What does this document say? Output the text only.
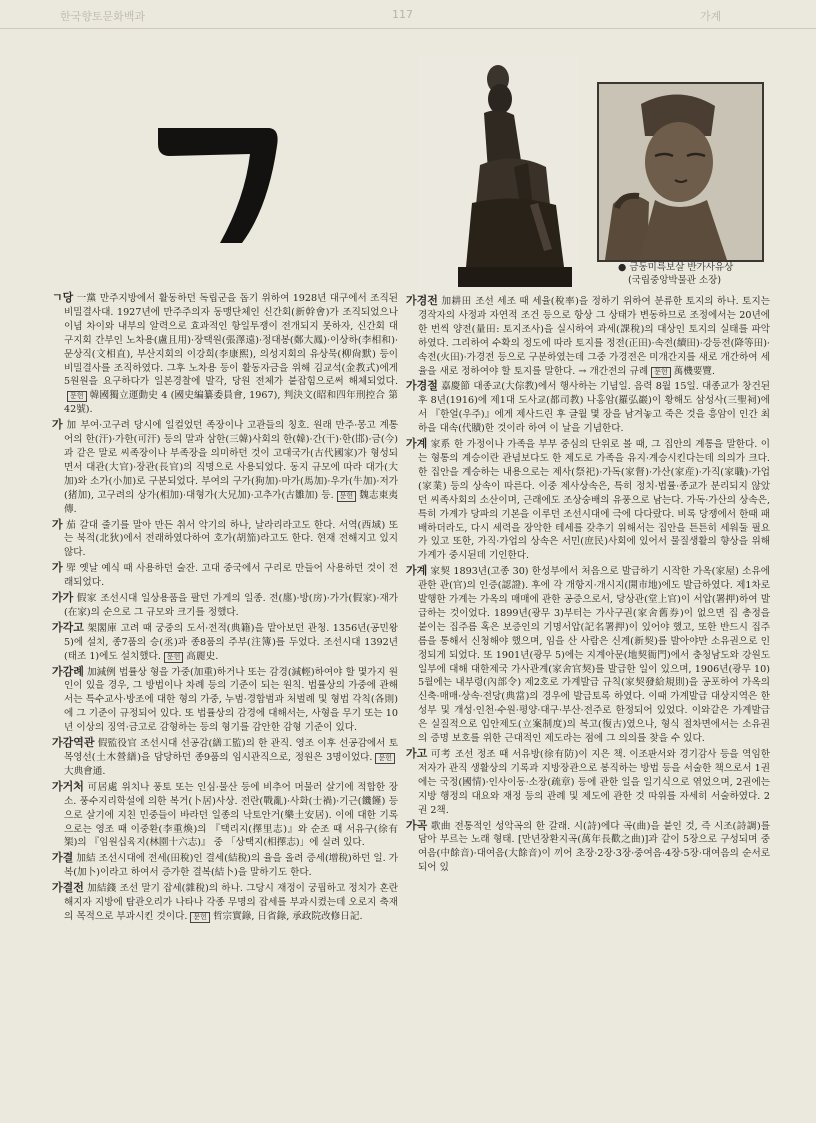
한국향토문화백과	117	가계
● 금동미륵보살 반가사유상
(국립중앙박물관 소장)

ㄱ당 一黨 만주지방에서 활동하던 독립군을 돕기 위하여 1928년 대구에서 조직된 비밀결사대. 1927년에 만주주의자 동맹단체인 신간회(新幹會)가 조직되었으나 이념 차이와 내부의 알력으로 효과적인 항일투쟁이 전개되지 못하자, 신간회 대구지회 간부인 노차용(盧且用)·장택원(張澤遠)·정대봉(鄭大鳳)·이상하(李相和)·문상직(文相直), 부산지회의 이강희(李康熙), 의성지회의 유상묵(柳尙默) 등이 비밀결사를 조직하였다. 그후 노차용 등이 활동자금을 위해 김교석(金教式)에게 5원원을 요구하다가 일본경찰에 발각, 당원 전체가 붙잡힘으로써 해체되었다.문헌 韓國獨立運動史 4 (國史編纂委員會, 1967), 判決文(昭和四年刑控合 第42號).

가 加 부여·고구려 당시에 일컬었던 족장이나 고관들의 칭호. 원래 만주·몽고 계통어의 한(汗)·가한(可汗) 등의 말과 삼한(三韓)사회의 한(韓)·간(干)·한(邯)·금(今)과 같은 말로 씨족장이나 부족장을 의미하던 것이 고대국가(古代國家)가 형성되면서 대관(大官)·장관(長官)의 직명으로 사용되었다. 동지 규모에 따라 대가(大加)와 소가(小加)로 구분되었다. 부여의 구가(狗加)·마가(馬加)·우가(牛加)·저가(猪加), 고구려의 상가(相加)·대형가(大兄加)·고추가(古雛加) 등. 문헌 魏志東夷傳.

가 茄 갈대 줄기를 말아 만든 취서 악기의 하나, 날라리라고도 한다. 서역(西域) 또는 북적(北狄)에서 전래하였다하여 호가(胡笳)라고도 한다. 현재 전해지고 있지 않다.

가 斝 옛날 예식 때 사용하던 술잔. 고대 중국에서 구리로 만들어 사용하던 것이 전래되었다.

가가 假家 조선시대 일상용품을 팔던 가게의 일종. 전(廛)·방(房)·가가(假家)·재가(在家)의 순으로 그 규모와 크기를 정했다.

가각고 架閣庫 고려 때 궁중의 도서·전적(典籍)을 맡아보던 관청. 1356년(공민왕 5)에 설치, 종7품의 승(丞)과 종8품의 주부(注簿)를 두었다. 조선시대 1392년(태조 1)에도 설치했다. 문헌 高麗史.

가감례 加減例 법률상 형을 가중(加重)하거나 또는 감경(減輕)하여야 할 몇가지 원인이 있을 경우, 그 방법이나 차례 등의 기준이 되는 원칙. 법률상의 가중에 관해서는 특수교사·방조에 대한 형의 가중, 누범·경합범과 처벌례 및 형법 각칙(各則)에 그 기준이 규정되어 있다. 또 법률상의 감경에 대해서는, 사형을 무기 또는 10년 이상의 징역·금고로 감형하는 등의 형기를 감안한 감형 기준이 있다.

가감역관 假監役官 조선시대 선공감(繕工監)의 한 관직. 영조 이후 선공감에서 토목영선(土木營繕)을 담당하던 종9품의 임시관직으로, 정원은 3명이었다. 문헌大典會通.

가거처 可居處 위치나 풍토 또는 인심·물산 등에 비추어 머물러 살기에 적합한 장소. 풍수지리학설에 의한 복거(卜居)사상. 전란(戰亂)·사화(士禍)·기근(饑饉) 등으로 살기에 지친 민중들이 바라던 일종의 낙토안거(樂土安居). 이에 대한 기록으로는 영조 때 이중환(李重煥)의 『택리지(擇里志)』와 순조 때 서유구(徐有榘)의 『임원십육지(林園十六志)』 중 「상택지(相擇志)」에 실려 있다.

가결 加結 조선시대에 전세(田稅)인 결세(結稅)의 율을 올려 증세(增稅)하던 일. 가복(加卜)이라고 하여서 증가한 결복(結卜)을 말하기도 한다.

가결전 加結錢 조선 말기 잡세(雜稅)의 하나. 그당시 재정이 궁핍하고 정치가 혼란해지자 지방에 탐관오리가 나타나 각종 무명의 잡세를 부과시켰는데 오로지 축재의 목적으로 부과시킨 것이다. 문헌 哲宗實錄, 日省錄, 承政院改修日記.

가경전 加耕田 조선 세조 때 세율(稅率)을 정하기 위하여 분류한 토지의 하나. 토지는 경작자의 사정과 자연적 조건 등으로 항상 그 상태가 변동하므로 조정에서는 20년에 한 번씩 양전(量田: 토지조사)을 실시하여 과세(課稅)의 대상인 토지의 실태를 파악하였다. 그리하여 수확의 정도에 따라 토지를 정전(正田)·속전(續田)·강등전(降等田)·속전(火田)·가경전 등으로 구분하였는데 그중 가경전은 미개간지를 새로 개간하여 세율을 새로 정하여야 할 토지를 말한다. → 개간전의 규례 문헌 萬機要覽.

가경절 嘉慶節 대종교(大倧教)에서 행사하는 기념일. 음력 8월 15일. 대종교가 창건된 후 8년(1916)에 제1대 도사교(都司教) 나홍암(羅弘巖)이 황해도 삼성사(三聖祠)에서 『한얼(우주)』에게 제사드린 후 글월 몇 장을 남겨놓고 죽은 것을 흥암이 인간 최하을 대속(代贖)한 것이라 하여 이 날을 기념한다.

가계 家系 한 가정이나 가족을 부부 중심의 단위로 볼 때, 그 집안의 계통을 말한다. 이는 형통의 계승이란 관념보다도 한 제도로 가족을 유지·계승시킨다는데 의의가 크다. 한 집안을 계승하는 내용으로는 제사(祭祀)·가독(家督)·가산(家産)·가직(家職)·가업(家業) 등의 상속이 따른다. 이중 제사상속은, 특히 정치·법률·종교가 분리되지 않았던 씨족사회의 소산이며, 근래에도 조상숭배의 유풍으로 남는다. 가독·가산의 상속은, 특히 가계가 당파의 기본을 이루던 조선시대에 극에 다다랐다. 비록 당쟁에서 한때 패배하더라도, 다시 세력을 장악한 테세를 갖추기 위해서는 집안을 튼튼히 세워둘 필요가 있고 또한, 가직·가업의 상속은 서민(庶民)사회에 있어서 물질생활의 향상을 위해 가계가 중시된데 기인한다.

가계 家契 1893년(고종 30) 한성부에서 처음으로 발급하기 시작한 가옥(家屋) 소유에 관한 관(官)의 인증(認證). 후에 각 개항지·개시지(開市地)에도 발급하였다. 제1차로 발행한 가계는 가옥의 매매에 관한 공증으로서, 당상관(堂上官)이 서압(署押)하여 발급하는 것이었다. 1899년(광무 3)부터는 가사구권(家舍舊券)이 없으면 집 총정을 붙이는 집주름 혹은 보증인의 기명서압(記名署押)이 있어야 했고, 또한 반드시 집주름을 통해서 신청해야 했으며, 임을 산 사람은 신계(新契)를 발아야만 소유권으로 인정되게 되었다. 또 1901년(광무 5)에는 지계아문(地契衙門)에서 충청남도와 강원도 일부에 대해 대한제국 가사관계(家舍官契)를 발급한 일이 있으며, 1906년(광무 10) 5월에는 내부령(內部令) 제2호로 가계발급 규칙(家契發給規則)을 공포하여 가옥의 신축·매매·상속·전당(典當)의 경우에 발급토록 하였다. 이때 가계발급 대상지역은 한성부 및 개성·인천·수원·평양·대구·부산·전주로 한정되어 있었다. 이와같은 가계발급은 실질적으로 입안제도(立案制度)의 복고(復古)였으나, 형식 절차면에서는 소유권의 증명 보호를 위한 근대적인 제도라는 점에 그 의의를 찾을 수 있다.

가고 可考 조선 정조 때 서유방(徐有防)이 지은 책. 이조판서와 경기감사 등을 역임한 저자가 관직 생활상의 기록과 지방장관으로 봉직하는 방법 등을 서술한 책으로서 1권에는 국정(國情)·인사이동·소장(疏章) 등에 관한 일을 일기식으로 엮었으며, 2권에는 지방 행정의 대요와 재정 등의 관례 및 제도에 관한 것 따위를 자세히 서술하였다. 2권 2책.

가곡 歌曲 전통적인 성악곡의 한 갈래. 시(詩)에다 곡(曲)을 붙인 것, 즉 시조(詩調)를 담아 부르는 노래 형태. [만년장환지곡(萬年長歡之曲)]과 같이 5장으로 구성되며 중여음(中餘音)·대여음(大餘音)이 끼어 초장·2장·3장·중여음·4장·5장·대여음의 순서로 되어 있
